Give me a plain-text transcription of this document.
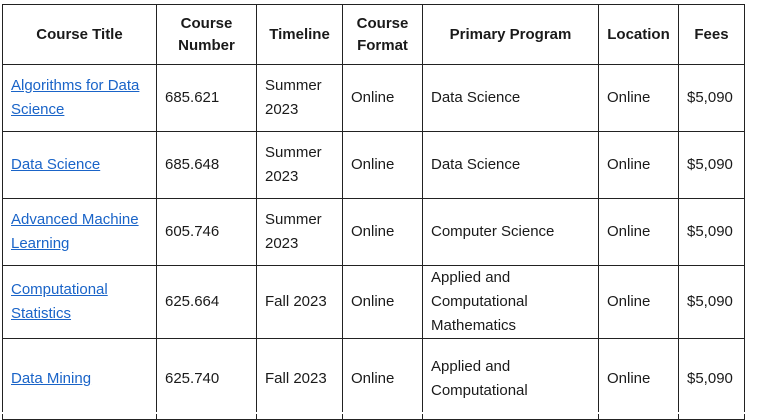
Course Title	Course Number	Timeline	Course Format	Primary Program	Location	Fees
Algorithms for Data Science	685.621	Summer 2023	Online	Data Science	Online	$5,090
Data Science	685.648	Summer 2023	Online	Data Science	Online	$5,090
Advanced Machine Learning	605.746	Summer 2023	Online	Computer Science	Online	$5,090
Computational Statistics	625.664	Fall 2023	Online	Applied and Computational Mathematics	Online	$5,090
Data Mining	625.740	Fall 2023	Online	Applied and Computational	Online	$5,090
